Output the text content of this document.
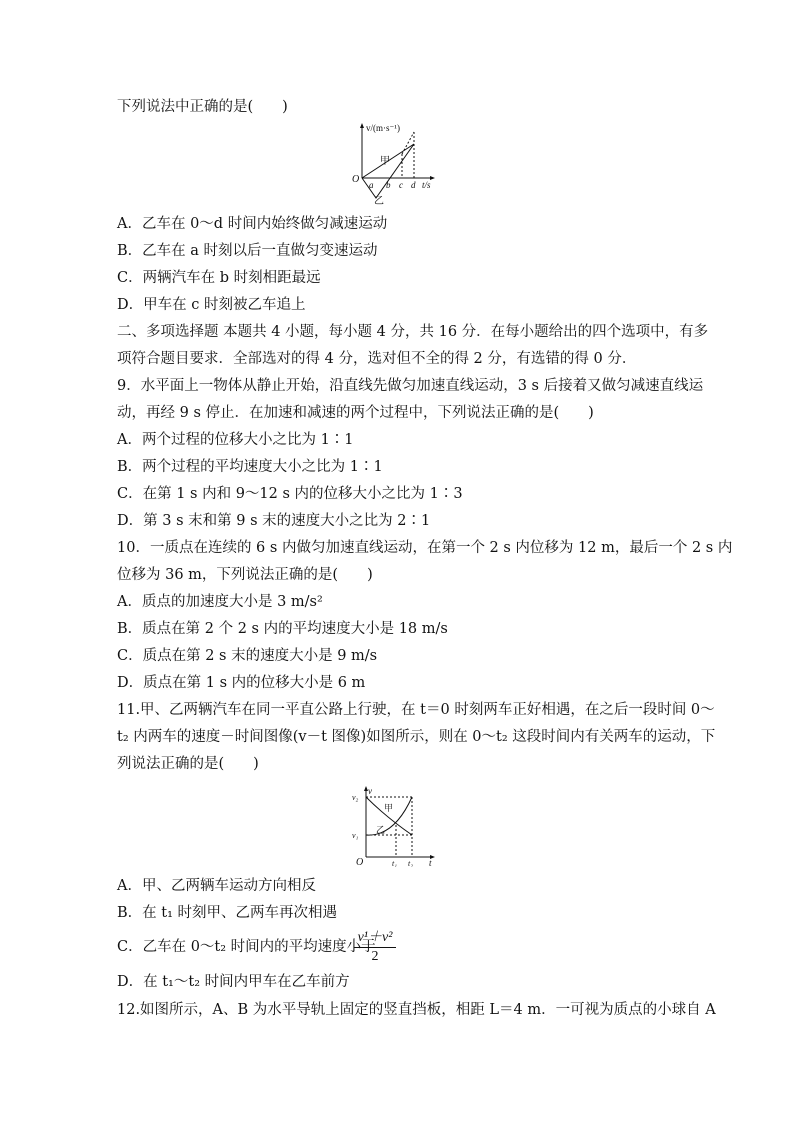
下列说法中正确的是(　　)
v/(m·s⁻¹)
t/s
O
甲
乙
a b c d
A．乙车在 0～d 时间内始终做匀减速运动
B．乙车在 a 时刻以后一直做匀变速运动
C．两辆汽车在 b 时刻相距最远
D．甲车在 c 时刻被乙车追上
二、多项选择题 本题共 4 小题，每小题 4 分，共 16 分．在每小题给出的四个选项中，有多
项符合题目要求．全部选对的得 4 分，选对但不全的得 2 分，有选错的得 0 分．
9．水平面上一物体从静止开始，沿直线先做匀加速直线运动，3 s 后接着又做匀减速直线运
动，再经 9 s 停止．在加速和减速的两个过程中，下列说法正确的是(　　)
A．两个过程的位移大小之比为 1∶1
B．两个过程的平均速度大小之比为 1∶1
C．在第 1 s 内和 9～12 s 内的位移大小之比为 1∶3
D．第 3 s 末和第 9 s 末的速度大小之比为 2∶1
10．一质点在连续的 6 s 内做匀加速直线运动，在第一个 2 s 内位移为 12 m，最后一个 2 s 内
位移为 36 m，下列说法正确的是(　　)
A．质点的加速度大小是 3 m/s²
B．质点在第 2 个 2 s 内的平均速度大小是 18 m/s
C．质点在第 2 s 末的速度大小是 9 m/s
D．质点在第 1 s 内的位移大小是 6 m
11.甲、乙两辆汽车在同一平直公路上行驶，在 t＝0 时刻两车正好相遇，在之后一段时间 0～
t₂ 内两车的速度－时间图像(v－t 图像)如图所示，则在 0～t₂ 这段时间内有关两车的运动，下
列说法正确的是(　　)
v
t
O
v₂
v₁
t₁ t₂
甲
乙
A．甲、乙两辆车运动方向相反
B．在 t₁ 时刻甲、乙两车再次相遇
C．乙车在 0～t₂ 时间内的平均速度小于
v¹＋v²
2
D．在 t₁～t₂ 时间内甲车在乙车前方
12.如图所示，A、B 为水平导轨上固定的竖直挡板，相距 L＝4 m．一可视为质点的小球自 A
